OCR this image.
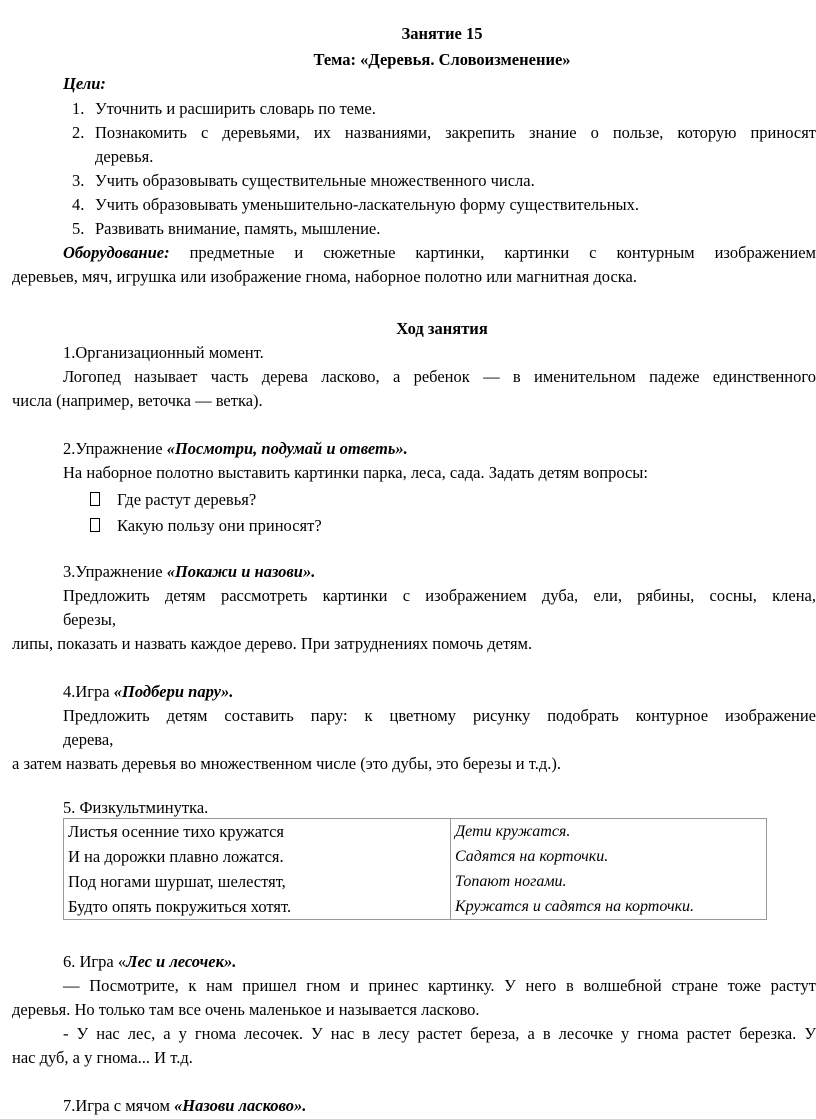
Занятие 15
Тема: «Деревья. Словоизменение»
Цели:
1. Уточнить и расширить словарь по теме.
2. Познакомить с деревьями, их названиями, закрепить знание о пользе, которую приносят
деревья.
3. Учить образовывать существительные множественного числа.
4. Учить образовывать уменьшительно-ласкательную форму существительных.
5. Развивать внимание, память, мышление.
Оборудование: предметные и сюжетные картинки, картинки с контурным изображением
деревьев, мяч, игрушка или изображение гнома, наборное полотно или магнитная доска.
Ход занятия
1.Организационный момент.
Логопед называет часть дерева ласково, а ребенок — в именительном падеже единственного
числа (например, веточка — ветка).
2.Упражнение «Посмотри, подумай и ответь».
На наборное полотно выставить картинки парка, леса, сада. Задать детям вопросы:
Где растут деревья?
Какую пользу они приносят?
3.Упражнение «Покажи и назови».
Предложить детям рассмотреть картинки с изображением дуба, ели, рябины, сосны, клена,
березы,
липы, показать и назвать каждое дерево. При затруднениях помочь детям.
4.Игра «Подбери пару».
Предложить детям составить пару: к цветному рисунку подобрать контурное изображение
дерева,
а затем назвать деревья во множественном числе (это дубы, это березы и т.д.).
5. Физкультминутка.
Листья осенние тихо кружатся	Дети кружатся.
И на дорожки плавно ложатся.	Садятся на корточки.
Под ногами шуршат, шелестят,	Топают ногами.
Будто опять покружиться хотят.	Кружатся и садятся на корточки.
6. Игра «Лес и лесочек».
— Посмотрите, к нам пришел гном и принес картинку. У него в волшебной стране тоже растут
деревья. Но только там все очень маленькое и называется ласково.
- У нас лес, а у гнома лесочек. У нас в лесу растет береза, а в лесочке у гнома растет березка. У
нас дуб, а у гнома... И т.д.
7.Игра с мячом «Назови ласково».
